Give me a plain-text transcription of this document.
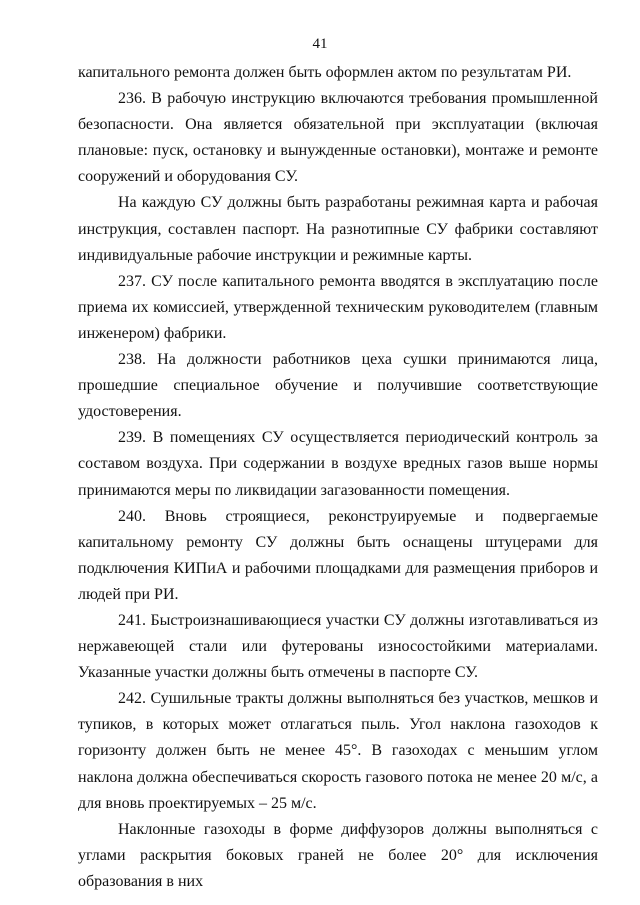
41

капитального ремонта должен быть оформлен актом по результатам РИ.

236. В рабочую инструкцию включаются требования промышленной безопасности. Она является обязательной при эксплуатации (включая плановые: пуск, остановку и вынужденные остановки), монтаже и ремонте сооружений и оборудования СУ.

На каждую СУ должны быть разработаны режимная карта и рабочая инструкция, составлен паспорт. На разнотипные СУ фабрики составляют индивидуальные рабочие инструкции и режимные карты.

237. СУ после капитального ремонта вводятся в эксплуатацию после приема их комиссией, утвержденной техническим руководителем (главным инженером) фабрики.

238. На должности работников цеха сушки принимаются лица, прошедшие специальное обучение и получившие соответствующие удостоверения.

239. В помещениях СУ осуществляется периодический контроль за составом воздуха. При содержании в воздухе вредных газов выше нормы принимаются меры по ликвидации загазованности помещения.

240. Вновь строящиеся, реконструируемые и подвергаемые капитальному ремонту СУ должны быть оснащены штуцерами для подключения КИПиА и рабочими площадками для размещения приборов и людей при РИ.

241. Быстроизнашивающиеся участки СУ должны изготавливаться из нержавеющей стали или футерованы износостойкими материалами. Указанные участки должны быть отмечены в паспорте СУ.

242. Сушильные тракты должны выполняться без участков, мешков и тупиков, в которых может отлагаться пыль. Угол наклона газоходов к горизонту должен быть не менее 45°. В газоходах с меньшим углом наклона должна обеспечиваться скорость газового потока не менее 20 м/с, а для вновь проектируемых – 25 м/с.

Наклонные газоходы в форме диффузоров должны выполняться с углами раскрытия боковых граней не более 20° для исключения образования в них
